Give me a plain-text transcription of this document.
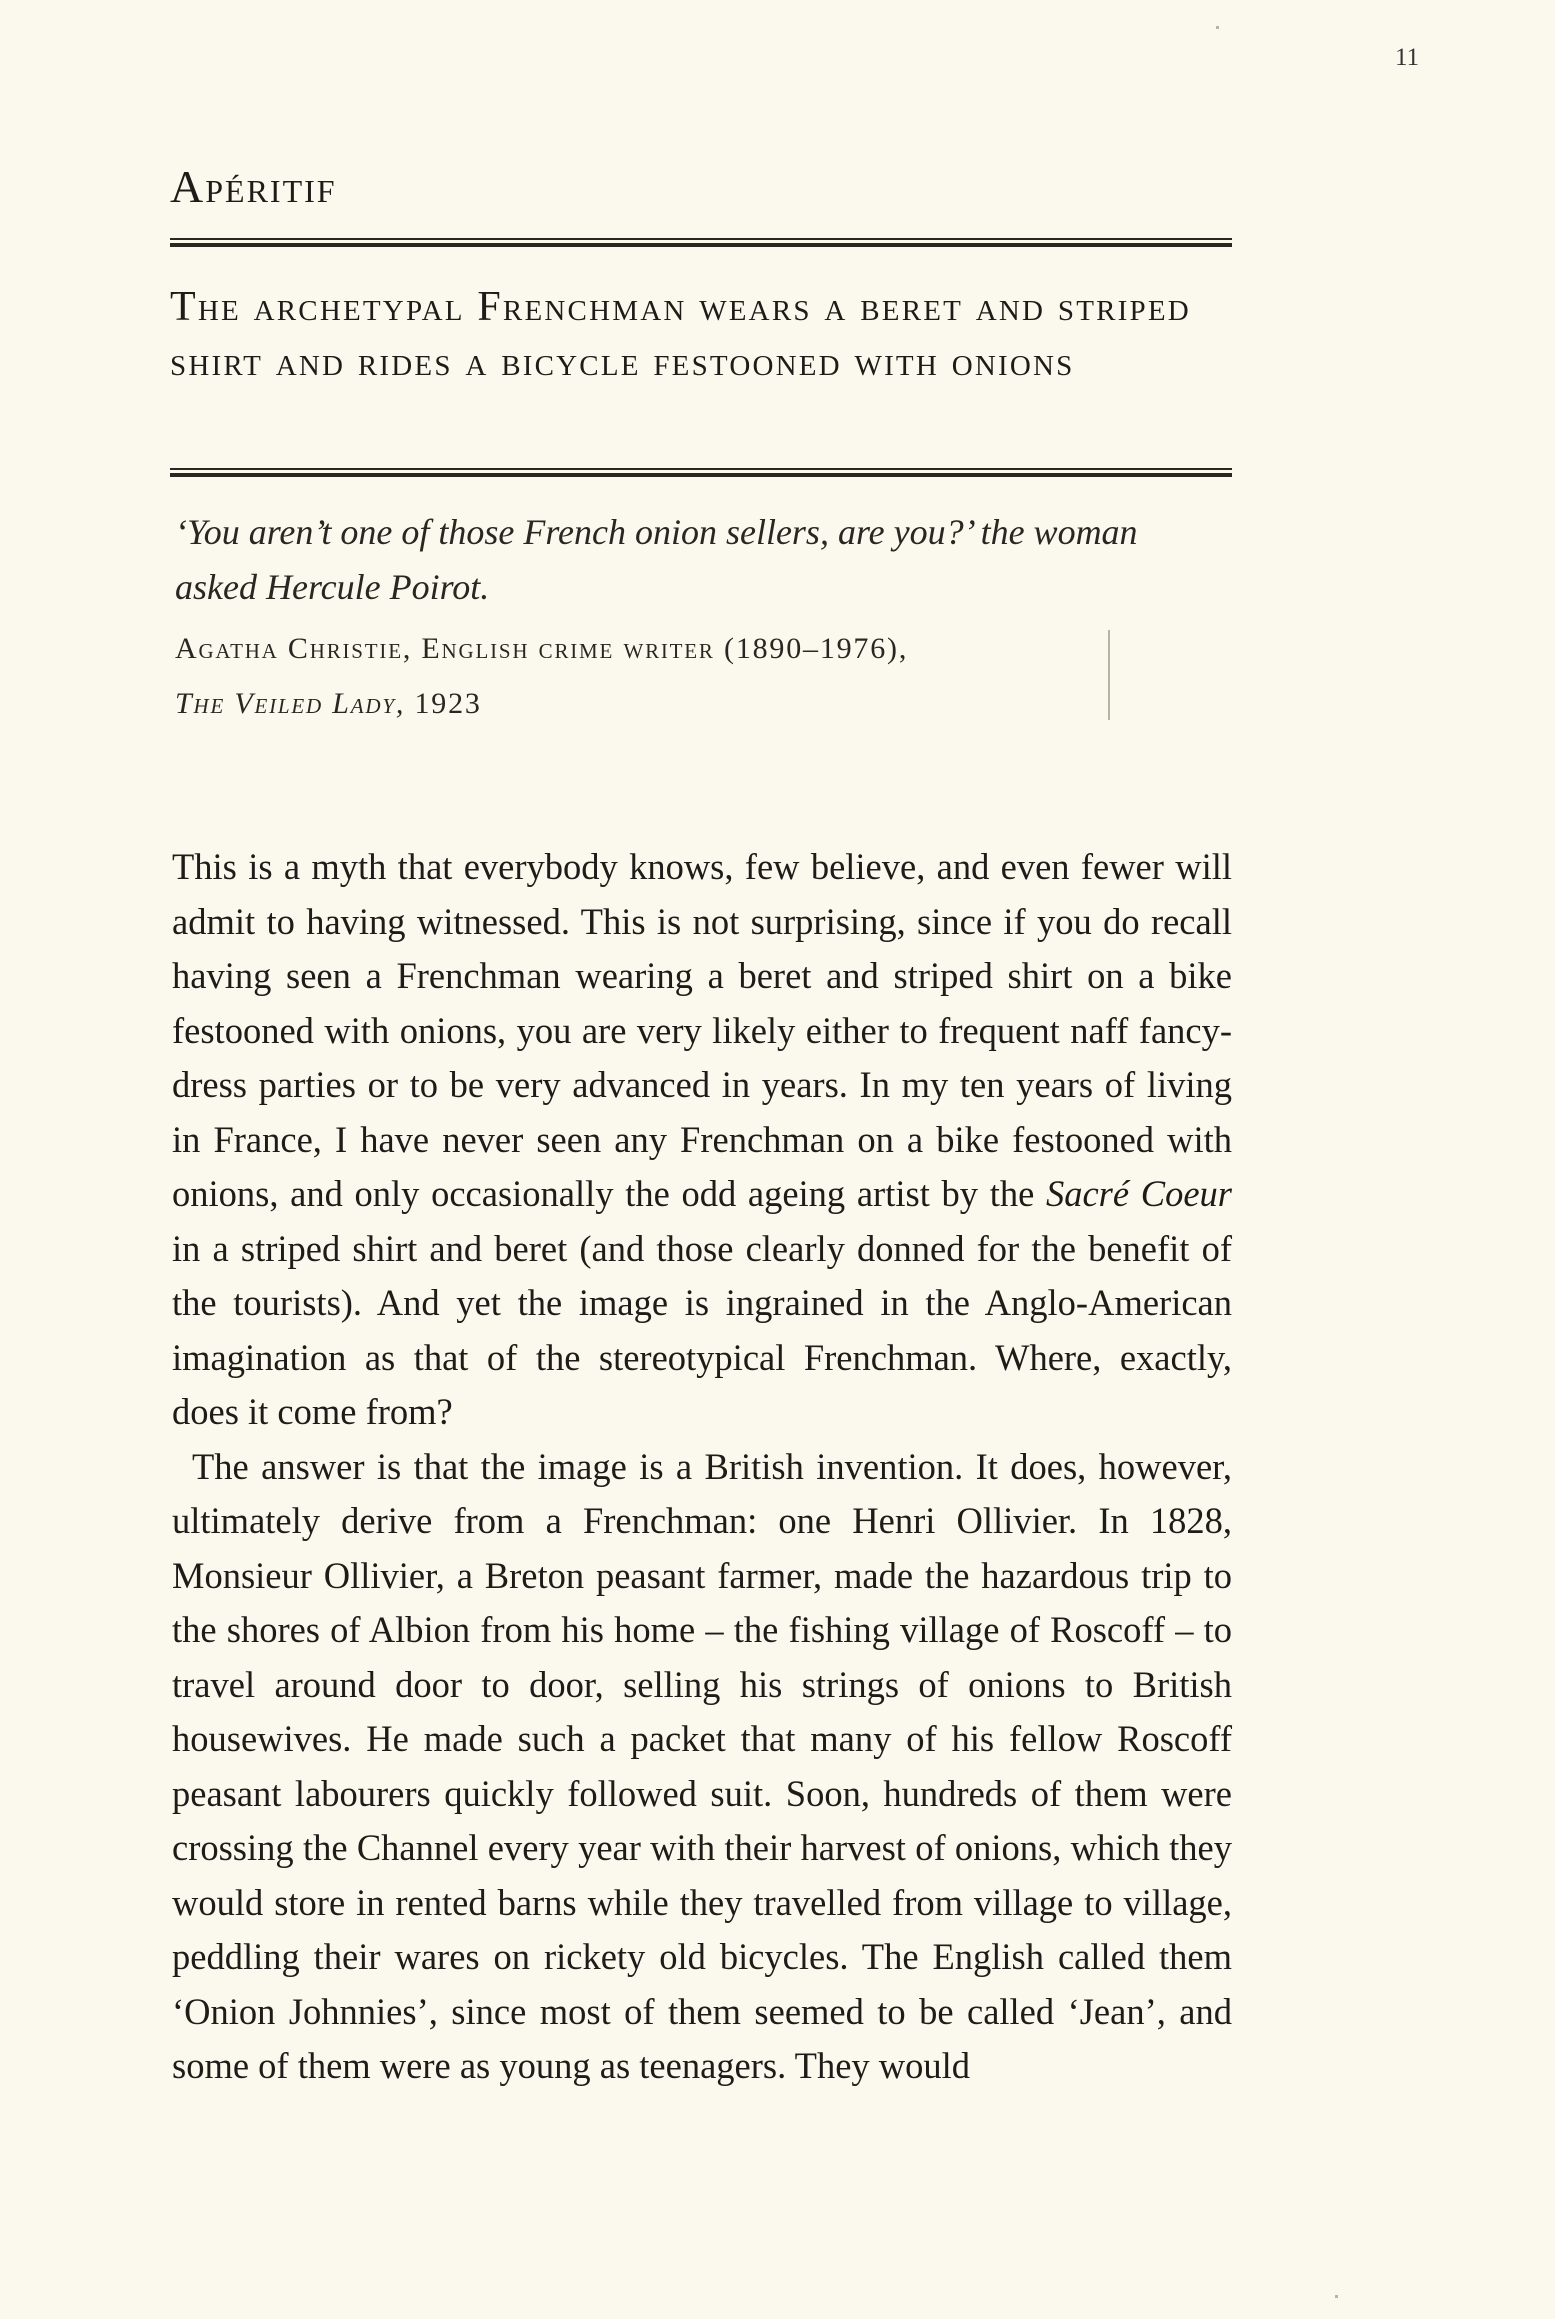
11
Apéritif
The archetypal Frenchman wears a beret and striped shirt and rides a bicycle festooned with onions
‘You aren’t one of those French onion sellers, are you?’ the woman asked Hercule Poirot.
Agatha Christie, English crime writer (1890–1976),
The Veiled Lady, 1923

This is a myth that everybody knows, few believe, and even fewer will admit to having witnessed. This is not surprising, since if you do recall having seen a Frenchman wearing a beret and striped shirt on a bike festooned with onions, you are very likely either to frequent naff fancy-dress parties or to be very advanced in years. In my ten years of living in France, I have never seen any Frenchman on a bike festooned with onions, and only occasionally the odd ageing artist by the Sacré Coeur in a striped shirt and beret (and those clearly donned for the benefit of the tourists). And yet the image is ingrained in the Anglo-American imagination as that of the stereotypical Frenchman. Where, exactly, does it come from?

The answer is that the image is a British invention. It does, however, ultimately derive from a Frenchman: one Henri Ollivier. In 1828, Monsieur Ollivier, a Breton peasant farmer, made the hazardous trip to the shores of Albion from his home – the fishing village of Roscoff – to travel around door to door, selling his strings of onions to British housewives. He made such a packet that many of his fellow Roscoff peasant labourers quickly followed suit. Soon, hundreds of them were crossing the Channel every year with their harvest of onions, which they would store in rented barns while they travelled from village to village, peddling their wares on rickety old bicycles. The English called them ‘Onion Johnnies’, since most of them seemed to be called ‘Jean’, and some of them were as young as teenagers. They would
